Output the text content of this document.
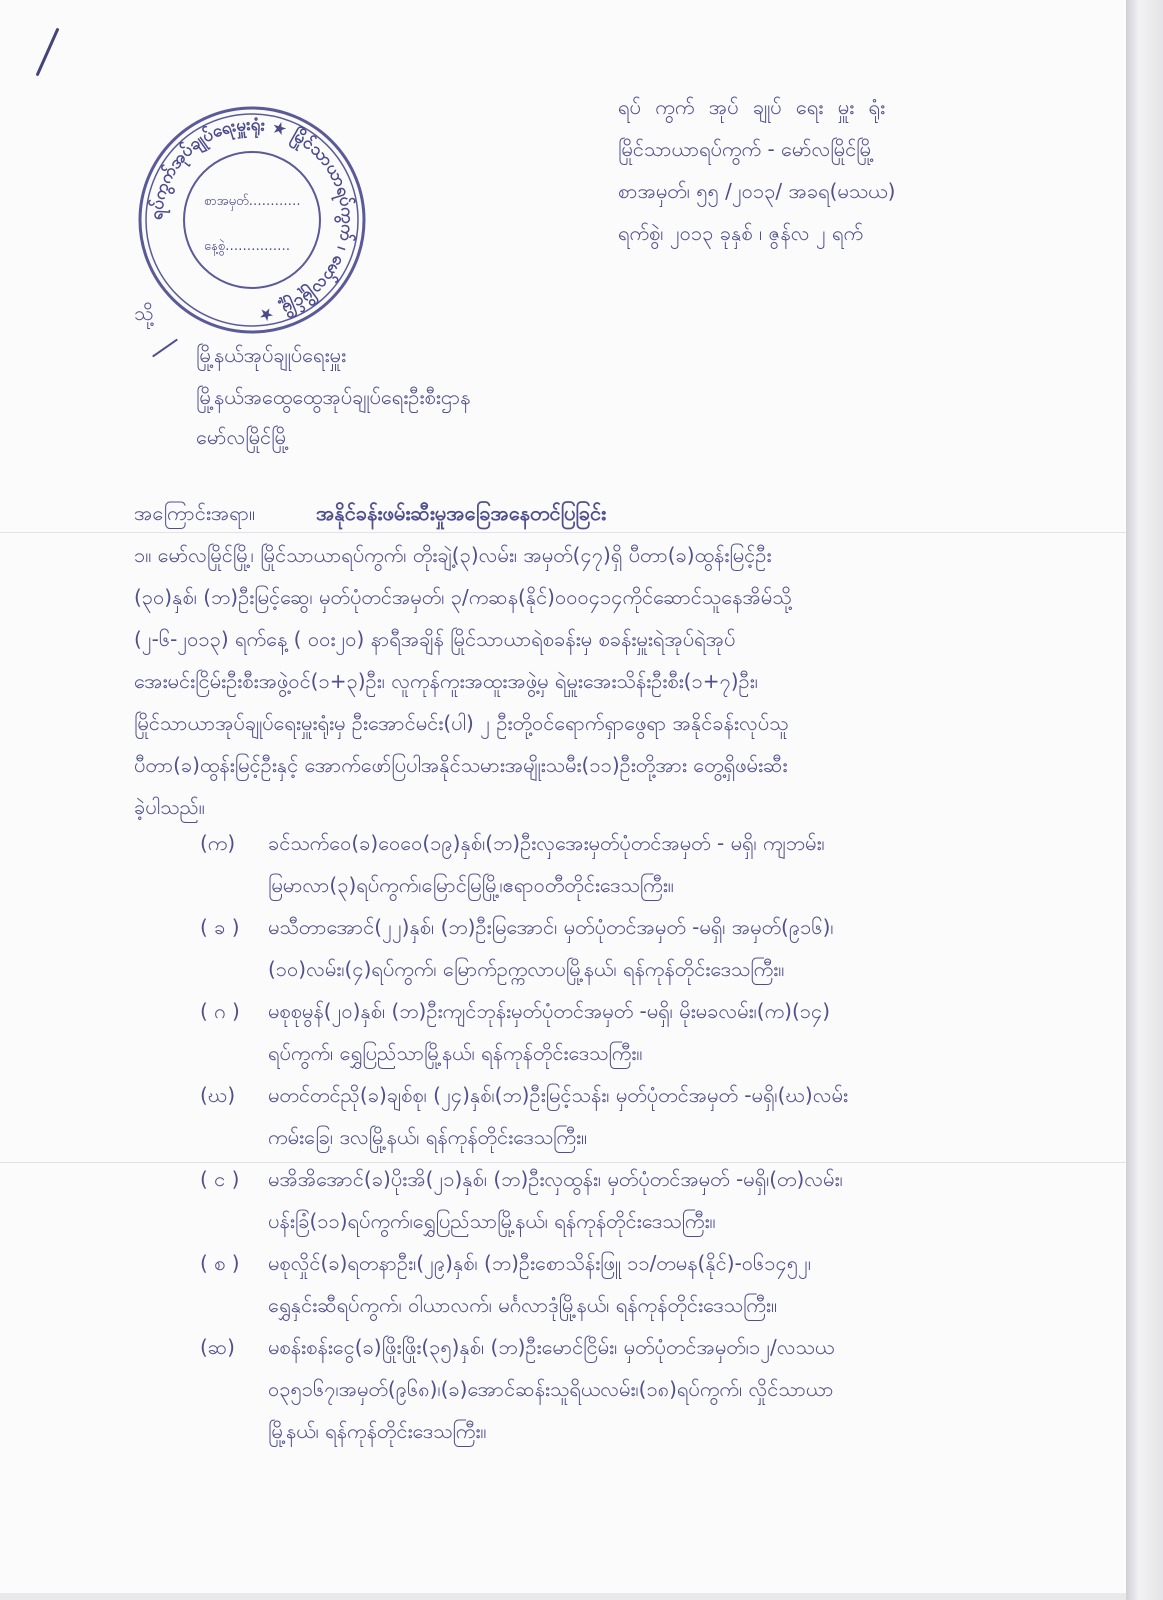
ရပ်ကွက်အုပ်ချုပ်ရေးမှူးရုံး ★ မြိုင်သာယာရပ်ကွက် ၊ မော်လမြိုင်မြို့ ★
စာအမှတ်…………
နေ့စွဲ……………
ရပ် ကွက် အုပ် ချုပ် ရေး မှူး ရုံး
မြိုင်သာယာရပ်ကွက် - မော်လမြိုင်မြို့
စာအမှတ်၊ ၅၅ /၂၀၁၃/ အခရ(မသယ)
ရက်စွဲ၊ ၂၀၁၃ ခုနှစ် ၊ ဇွန်လ ၂ ရက်
သို့
မြို့နယ်အုပ်ချုပ်ရေးမှူး
မြို့နယ်အထွေထွေအုပ်ချုပ်ရေးဦးစီးဌာန
မော်လမြိုင်မြို့
အကြောင်းအရာ။	အနိုင်ခန်းဖမ်းဆီးမှုအခြေအနေတင်ပြခြင်း
၁။ မော်လမြိုင်မြို့၊ မြိုင်သာယာရပ်ကွက်၊ တိုးချဲ့(၃)လမ်း၊ အမှတ်(၄၇)ရှိ ပီတာ(ခ)ထွန်းမြင့်ဦး
(၃၀)နှစ်၊ (ဘ)ဦးမြင့်ဆွေ၊ မှတ်ပုံတင်အမှတ်၊ ၃/ကဆန(နိုင်)၀၀၀၄၁၄ကိုင်ဆောင်သူနေအိမ်သို့
(၂-၆-၂၀၁၃) ရက်နေ့ ( ၀၀း၂၀) နာရီအချိန် မြိုင်သာယာရဲစခန်းမှ စခန်းမှူးရဲအုပ်ရဲအုပ်
အေးမင်းငြိမ်းဦးစီးအဖွဲ့ဝင်(၁+၃)ဦး၊ လူကုန်ကူးအထူးအဖွဲ့မှ ရဲမှူးအေးသိန်းဦးစီး(၁+၇)ဦး၊
မြိုင်သာယာအုပ်ချုပ်ရေးမှူးရုံးမှ ဦးအောင်မင်း(ပါ) ၂ ဦးတို့ဝင်ရောက်ရှာဖွေရာ အနိုင်ခန်းလုပ်သူ
ပီတာ(ခ)ထွန်းမြင့်ဦးနှင့် အောက်ဖော်ပြပါအနိုင်သမားအမျိုးသမီး(၁၁)ဦးတို့အား တွေ့ရှိဖမ်းဆီး
ခဲ့ပါသည်။
(က) ခင်သက်ဝေ(ခ)ဝေဝေ(၁၉)နှစ်၊(ဘ)ဦးလှအေးမှတ်ပုံတင်အမှတ် - မရှိ၊ ကျဘမ်း၊
မြမာလာ(၃)ရပ်ကွက်၊မြောင်မြမြို့၊ဧရာဝတီတိုင်းဒေသကြီး။
( ခ ) မသီတာအောင်(၂၂)နှစ်၊ (ဘ)ဦးမြအောင်၊ မှတ်ပုံတင်အမှတ် -မရှိ၊ အမှတ်(၉၁၆)၊
(၁၀)လမ်း၊(၄)ရပ်ကွက်၊ မြောက်ဥက္ကလာပမြို့နယ်၊ ရန်ကုန်တိုင်းဒေသကြီး။
( ဂ ) မစုစုမွန်(၂၀)နှစ်၊ (ဘ)ဦးကျင်ဘုန်းမှတ်ပုံတင်အမှတ် -မရှိ၊ မိုးမခလမ်း၊(က)(၁၄)
ရပ်ကွက်၊ ရွှေပြည်သာမြို့နယ်၊ ရန်ကုန်တိုင်းဒေသကြီး။
(ဃ) မတင်တင်ညို(ခ)ချစ်စု၊ (၂၄)နှစ်၊(ဘ)ဦးမြင့်သန်း၊ မှတ်ပုံတင်အမှတ် -မရှိ၊(ဃ)လမ်း
ကမ်းခြေ၊ ဒလမြို့နယ်၊ ရန်ကုန်တိုင်းဒေသကြီး။
( င ) မအိအိအောင်(ခ)ပိုးအိ(၂၁)နှစ်၊ (ဘ)ဦးလှထွန်း၊ မှတ်ပုံတင်အမှတ် -မရှိ၊(တ)လမ်း၊
ပန်းခြံ(၁၁)ရပ်ကွက်၊ရွှေပြည်သာမြို့နယ်၊ ရန်ကုန်တိုင်းဒေသကြီး။
( စ ) မစုလှိုင်(ခ)ရတနာဦး၊(၂၉)နှစ်၊ (ဘ)ဦးစောသိန်းဖြူ ၁၁/တမန(နိုင်)-၀၆၁၄၅၂၊
ရွှေနှင်းဆီရပ်ကွက်၊ ဝါယာလက်၊ မင်္ဂလာဒုံမြို့နယ်၊ ရန်ကုန်တိုင်းဒေသကြီး။
(ဆ) မစန်းစန်းငွေ(ခ)ဖြိုးဖြိုး(၃၅)နှစ်၊ (ဘ)ဦးမောင်ငြိမ်း၊ မှတ်ပုံတင်အမှတ်၊၁၂/လသယ
၀၃၅၁၆၇၊အမှတ်(၉၆၈)၊(ခ)အောင်ဆန်းသူရိယလမ်း၊(၁၈)ရပ်ကွက်၊ လှိုင်သာယာ
မြို့နယ်၊ ရန်ကုန်တိုင်းဒေသကြီး။
